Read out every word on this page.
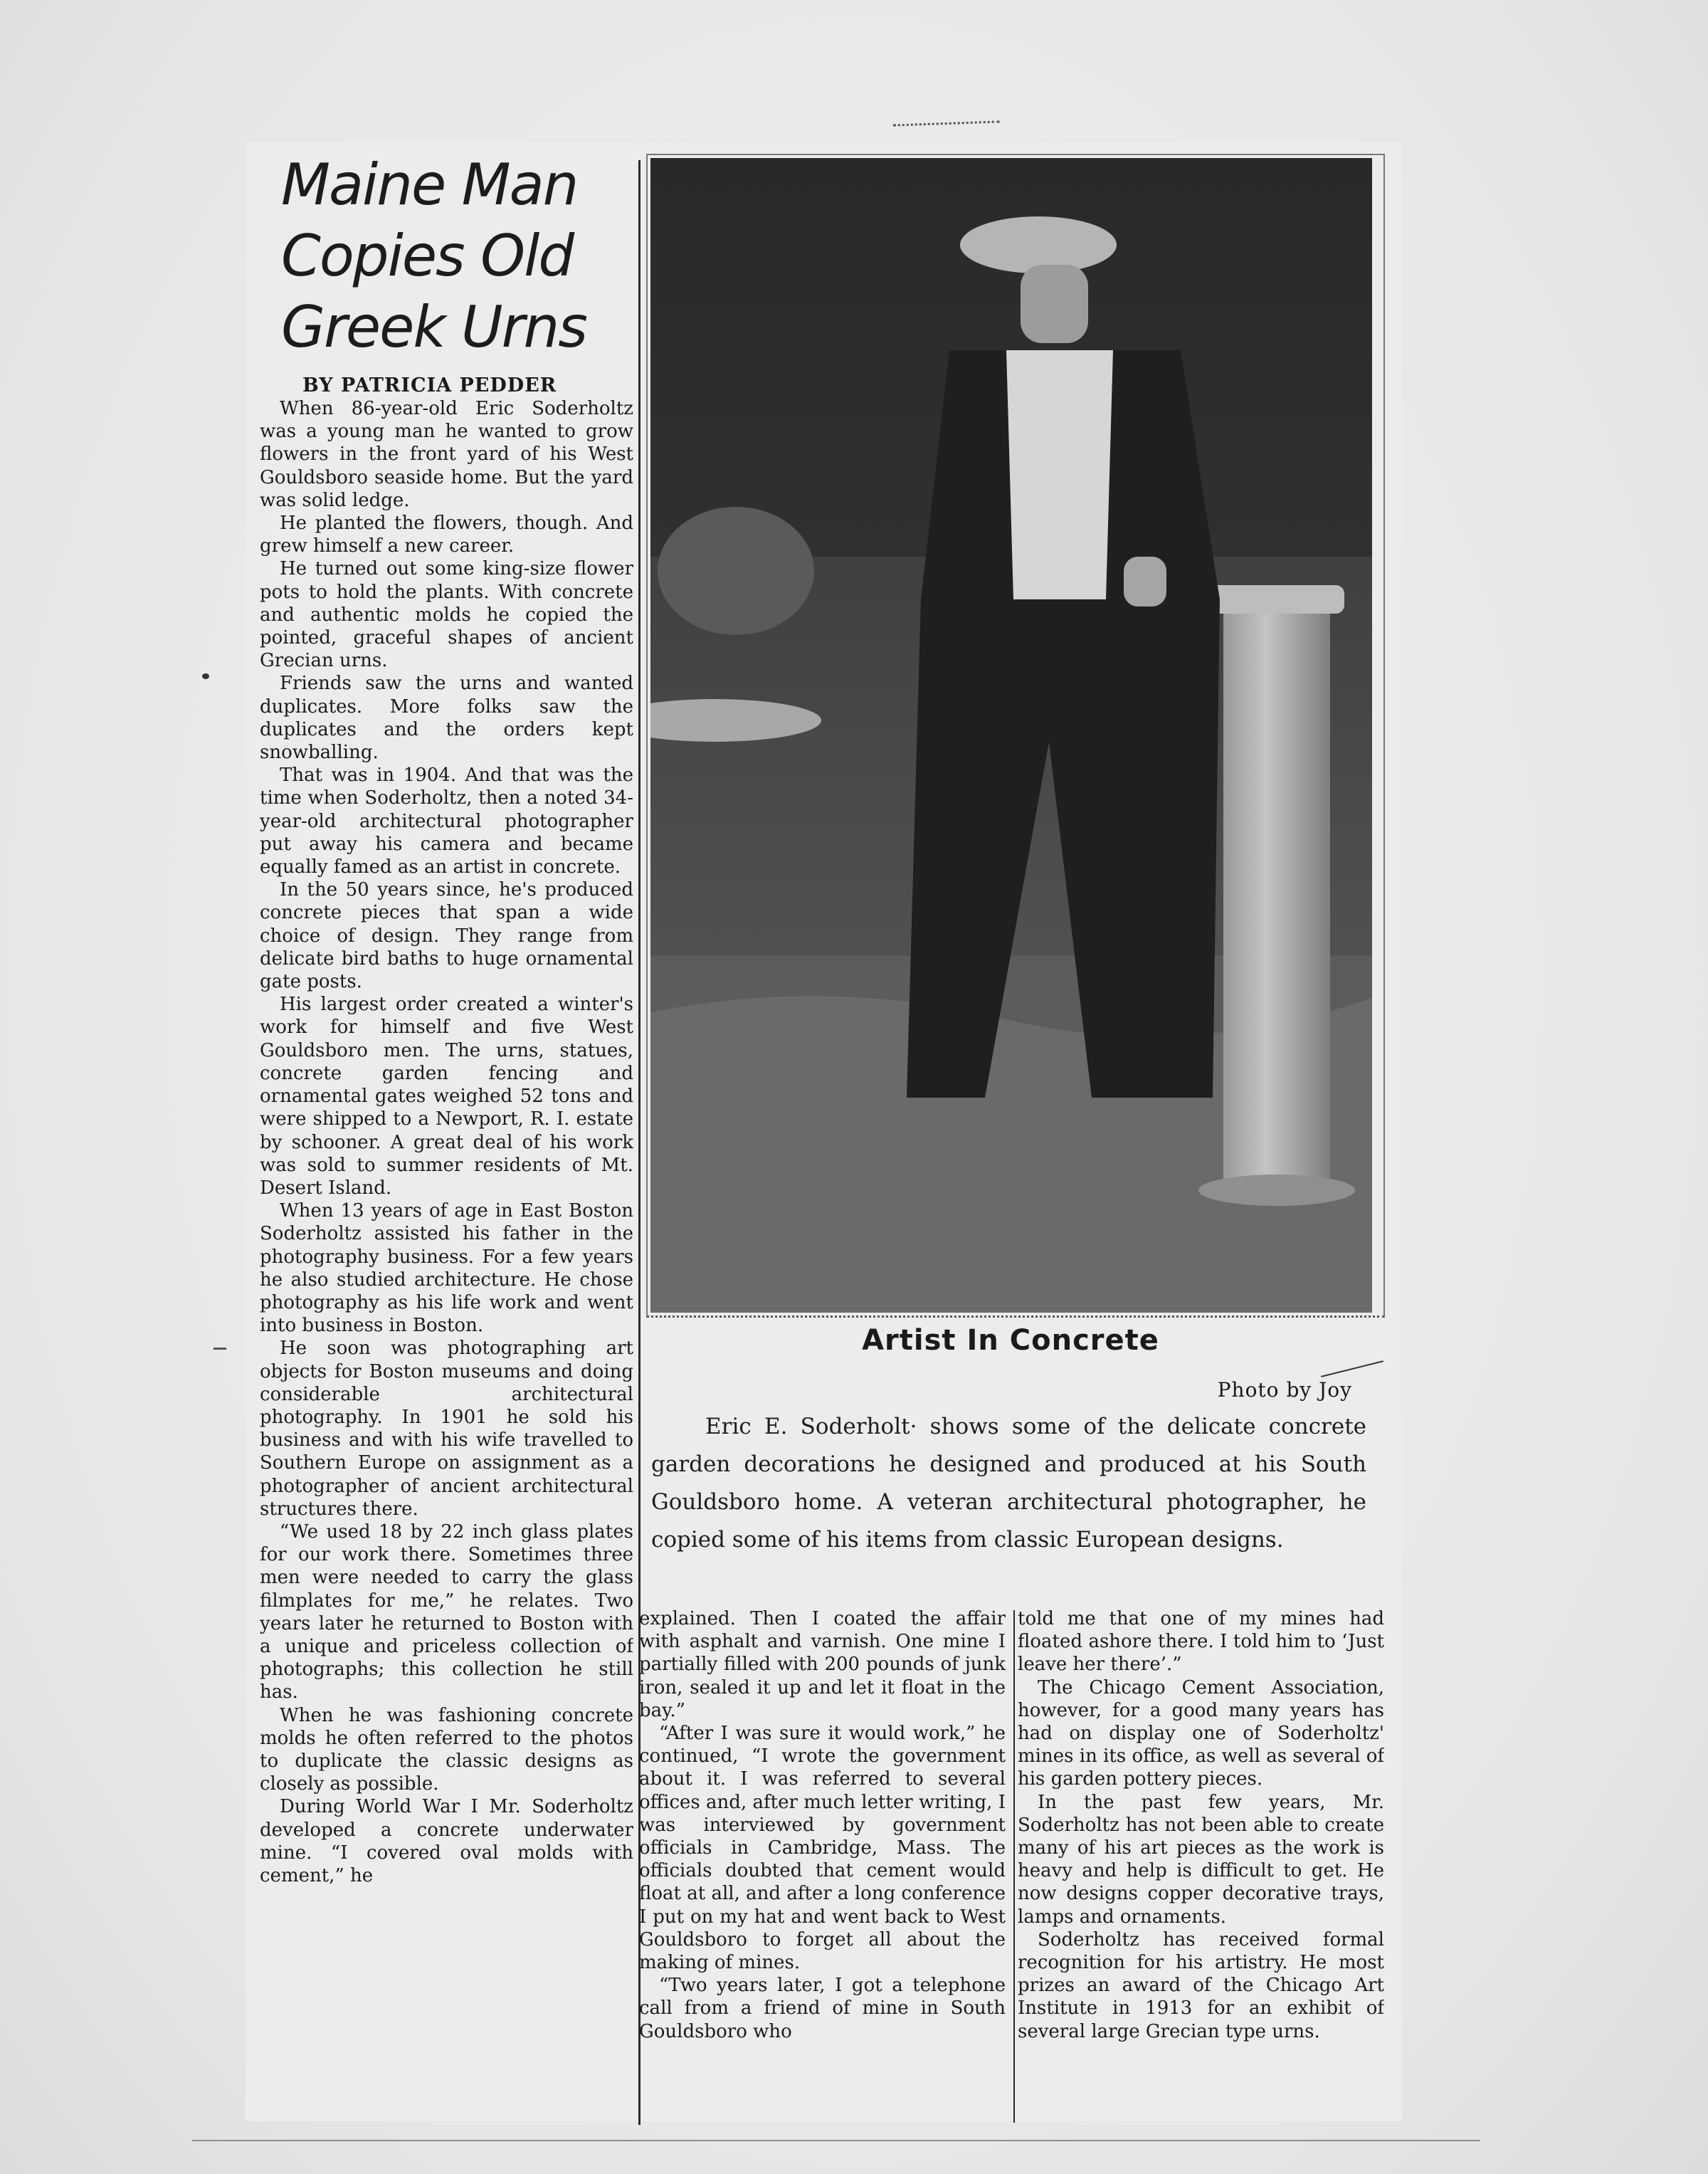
Maine Man
Copies Old
Greek Urns
BY PATRICIA PEDDER

When 86-year-old Eric Soderholtz was a young man he wanted to grow flowers in the front yard of his West Gouldsboro seaside home. But the yard was solid ledge.

He planted the flowers, though. And grew himself a new career.

He turned out some king-size flower pots to hold the plants. With concrete and authentic molds he copied the pointed, graceful shapes of ancient Grecian urns.

Friends saw the urns and wanted duplicates. More folks saw the duplicates and the orders kept snowballing.

That was in 1904. And that was the time when Soderholtz, then a noted 34-year-old architectural photographer put away his camera and became equally famed as an artist in concrete.

In the 50 years since, he's produced concrete pieces that span a wide choice of design. They range from delicate bird baths to huge ornamental gate posts.

His largest order created a winter's work for himself and five West Gouldsboro men. The urns, statues, concrete garden fencing and ornamental gates weighed 52 tons and were shipped to a Newport, R. I. estate by schooner. A great deal of his work was sold to summer residents of Mt. Desert Island.

When 13 years of age in East Boston Soderholtz assisted his father in the photography business. For a few years he also studied architecture. He chose photography as his life work and went into business in Boston.

He soon was photographing art objects for Boston museums and doing considerable architectural photography. In 1901 he sold his business and with his wife travelled to Southern Europe on assignment as a photographer of ancient architectural structures there.

“We used 18 by 22 inch glass plates for our work there. Sometimes three men were needed to carry the glass filmplates for me,” he relates. Two years later he returned to Boston with a unique and priceless collection of photographs; this collection he still has.

When he was fashioning concrete molds he often referred to the photos to duplicate the classic designs as closely as possible.

During World War I Mr. Soderholtz developed a concrete underwater mine. “I covered oval molds with cement,” he

Artist In Concrete
Photo by Joy

Eric E. Soderholt· shows some of the delicate concrete garden decorations he designed and produced at his South Gouldsboro home. A veteran architectural photographer, he copied some of his items from classic European designs.

explained. Then I coated the affair with asphalt and varnish. One mine I partially filled with 200 pounds of junk iron, sealed it up and let it float in the bay.”

“After I was sure it would work,” he continued, “I wrote the government about it. I was referred to several offices and, after much letter writing, I was interviewed by government officials in Cambridge, Mass. The officials doubted that cement would float at all, and after a long conference I put on my hat and went back to West Gouldsboro to forget all about the making of mines.

“Two years later, I got a telephone call from a friend of mine in South Gouldsboro who

told me that one of my mines had floated ashore there. I told him to ‘Just leave her there’.”

The Chicago Cement Association, however, for a good many years has had on display one of Soderholtz' mines in its office, as well as several of his garden pottery pieces.

In the past few years, Mr. Soderholtz has not been able to create many of his art pieces as the work is heavy and help is difficult to get. He now designs copper decorative trays, lamps and ornaments.

Soderholtz has received formal recognition for his artistry. He most prizes an award of the Chicago Art Institute in 1913 for an exhibit of several large Grecian type urns.
